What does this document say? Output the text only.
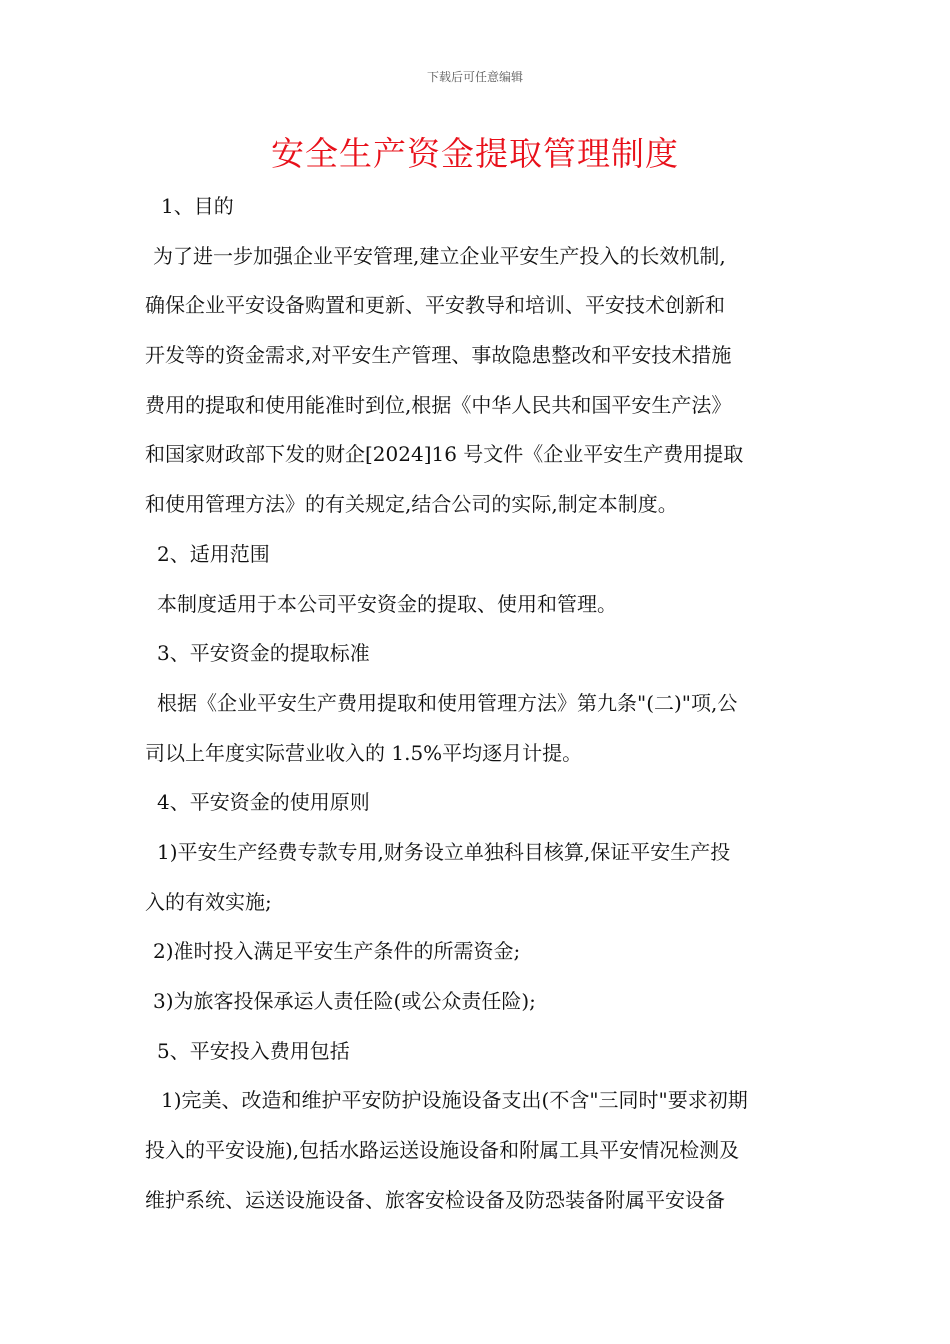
下载后可任意编辑
安全生产资金提取管理制度
1、目的
为了进一步加强企业平安管理,建立企业平安生产投入的长效机制,
确保企业平安设备购置和更新、平安教导和培训、平安技术创新和
开发等的资金需求,对平安生产管理、事故隐患整改和平安技术措施
费用的提取和使用能准时到位,根据《中华人民共和国平安生产法》
和国家财政部下发的财企[2024]16 号文件《企业平安生产费用提取
和使用管理方法》的有关规定,结合公司的实际,制定本制度。
2、适用范围
本制度适用于本公司平安资金的提取、使用和管理。
3、平安资金的提取标准
根据《企业平安生产费用提取和使用管理方法》第九条"(二)"项,公
司以上年度实际营业收入的 1.5%平均逐月计提。
4、平安资金的使用原则
1)平安生产经费专款专用,财务设立单独科目核算,保证平安生产投
入的有效实施;
2)准时投入满足平安生产条件的所需资金;
3)为旅客投保承运人责任险(或公众责任险);
5、平安投入费用包括
1)完美、改造和维护平安防护设施设备支出(不含"三同时"要求初期
投入的平安设施),包括水路运送设施设备和附属工具平安情况检测及
维护系统、运送设施设备、旅客安检设备及防恐装备附属平安设备
